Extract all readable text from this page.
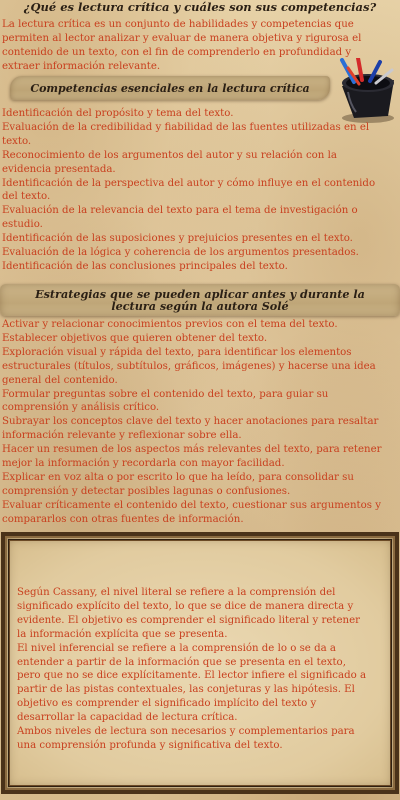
¿Qué es lectura crítica y cuáles son sus competencias?
La lectura crítica es un conjunto de habilidades y competencias que
permiten al lector analizar y evaluar de manera objetiva y rigurosa el
contenido de un texto, con el fin de comprenderlo en profundidad y
extraer información relevante.
Competencias esenciales en la lectura crítica
Identificación del propósito y tema del texto.
Evaluación de la credibilidad y fiabilidad de las fuentes utilizadas en el
texto.
Reconocimiento de los argumentos del autor y su relación con la
evidencia presentada.
Identificación de la perspectiva del autor y cómo influye en el contenido
del texto.
Evaluación de la relevancia del texto para el tema de investigación o
estudio.
Identificación de las suposiciones y prejuicios presentes en el texto.
Evaluación de la lógica y coherencia de los argumentos presentados.
Identificación de las conclusiones principales del texto.
Estrategias que se pueden aplicar antes y durante la
lectura según la autora Solé
Activar y relacionar conocimientos previos con el tema del texto.
Establecer objetivos que quieren obtener del texto.
Exploración visual y rápida del texto, para identificar los elementos
estructurales (títulos, subtítulos, gráficos, imágenes) y hacerse una idea
general del contenido.
Formular preguntas sobre el contenido del texto, para guiar su
comprensión y análisis crítico.
Subrayar los conceptos clave del texto y hacer anotaciones para resaltar
información relevante y reflexionar sobre ella.
Hacer un resumen de los aspectos más relevantes del texto, para retener
mejor la información y recordarla con mayor facilidad.
Explicar en voz alta o por escrito lo que ha leído, para consolidar su
comprensión y detectar posibles lagunas o confusiones.
Evaluar críticamente el contenido del texto, cuestionar sus argumentos y
compararlos con otras fuentes de información.
Según Cassany, el nivel literal se refiere a la comprensión del
significado explícito del texto, lo que se dice de manera directa y
evidente. El objetivo es comprender el significado literal y retener
la información explícita que se presenta.
El nivel inferencial se refiere a la comprensión de lo o se da a
entender a partir de la información que se presenta en el texto,
pero que no se dice explícitamente. El lector infiere el significado a
partir de las pistas contextuales, las conjeturas y las hipótesis. El
objetivo es comprender el significado implícito del texto y
desarrollar la capacidad de lectura crítica.
Ambos niveles de lectura son necesarios y complementarios para
una comprensión profunda y significativa del texto.
